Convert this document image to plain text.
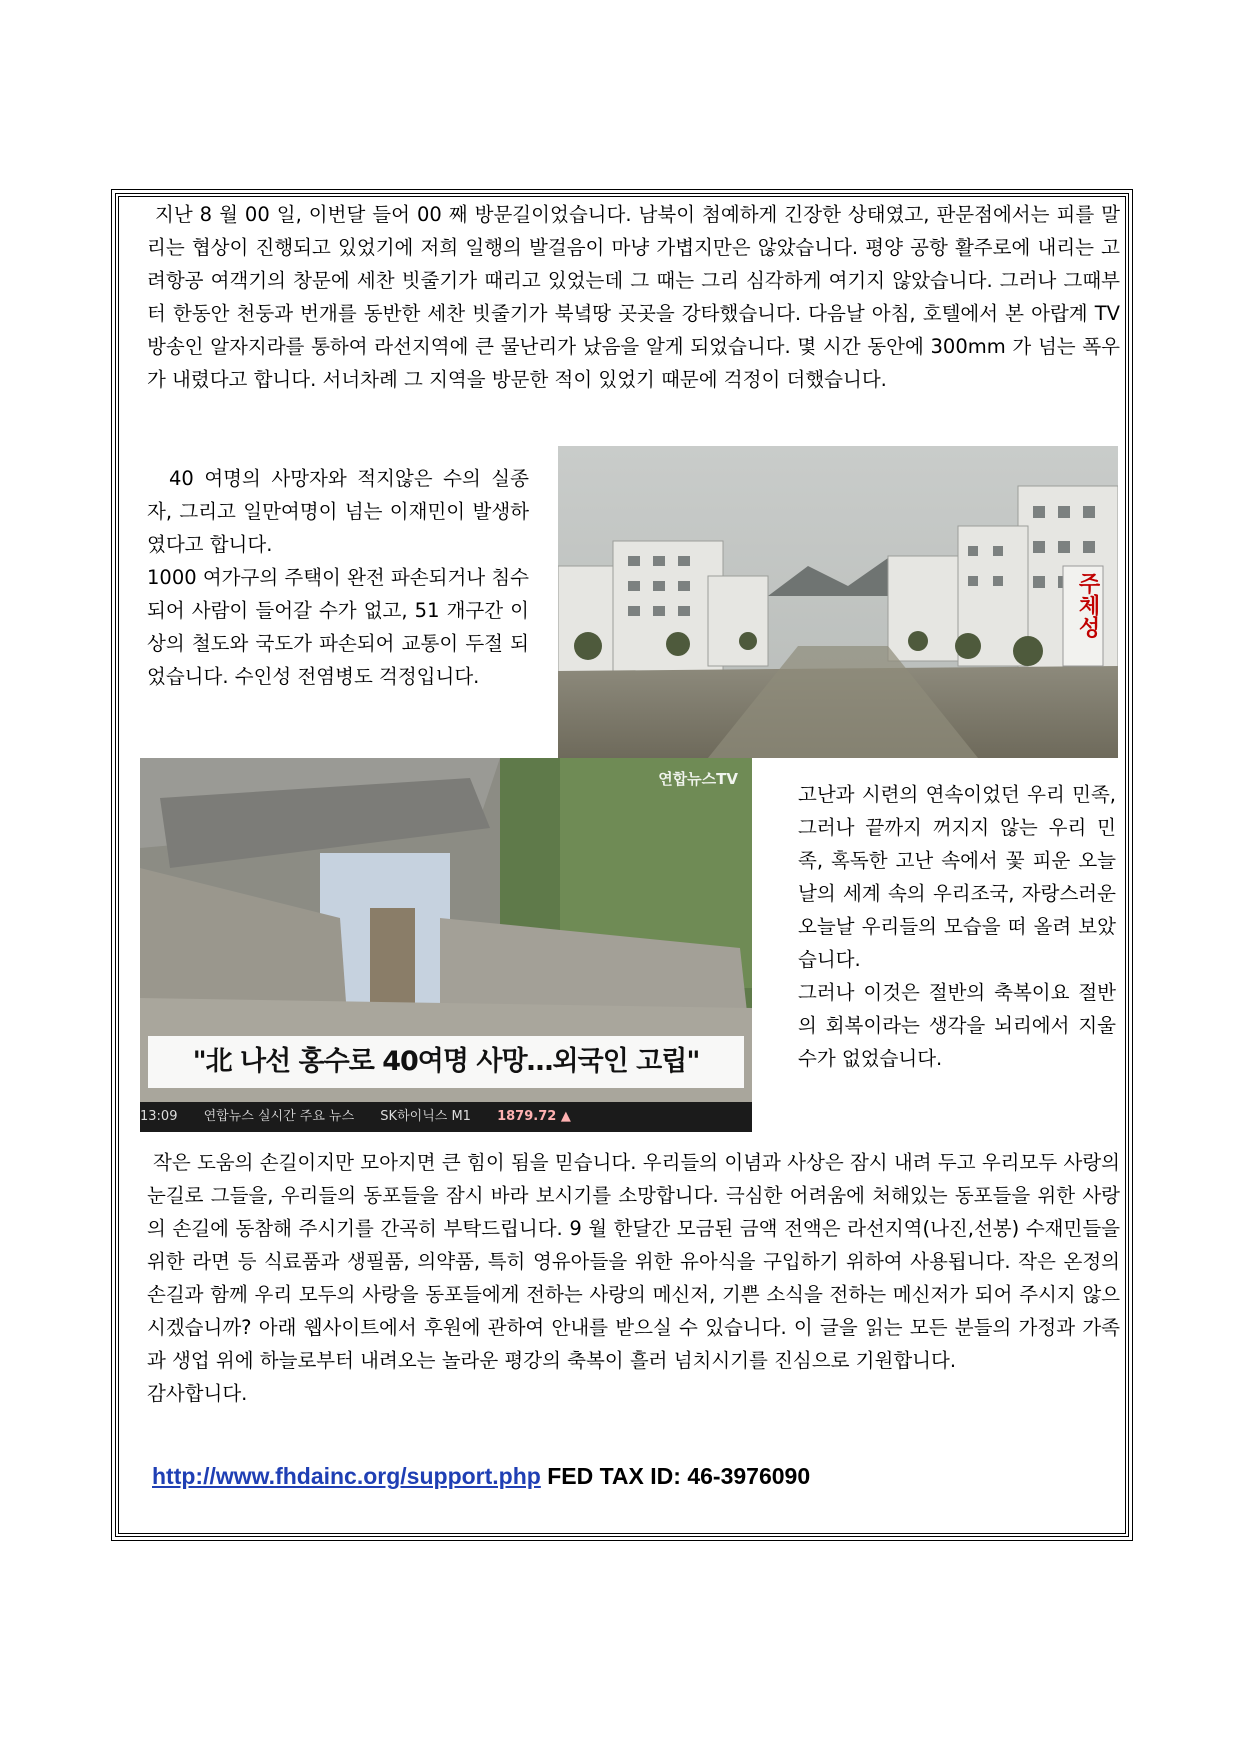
지난 8 월 00 일, 이번달 들어 00 째 방문길이었습니다. 남북이 첨예하게 긴장한 상태였고, 판문점에서는 피를 말리는 협상이 진행되고 있었기에 저희 일행의 발걸음이 마냥 가볍지만은 않았습니다. 평양 공항 활주로에 내리는 고려항공 여객기의 창문에 세찬 빗줄기가 때리고 있었는데 그 때는 그리 심각하게 여기지 않았습니다. 그러나 그때부터 한동안 천둥과 번개를 동반한 세찬 빗줄기가 북녘땅 곳곳을 강타했습니다. 다음날 아침, 호텔에서 본 아랍계 TV 방송인 알자지라를 통하여 라선지역에 큰 물난리가 났음을 알게 되었습니다. 몇 시간 동안에 300mm 가 넘는 폭우가 내렸다고 합니다. 서너차례 그 지역을 방문한 적이 있었기 때문에 걱정이 더했습니다.

40 여명의 사망자와 적지않은 수의 실종자, 그리고 일만여명이 넘는 이재민이 발생하였다고 합니다.
1000 여가구의 주택이 완전 파손되거나 침수되어 사람이 들어갈 수가 없고, 51 개구간 이상의 철도와 국도가 파손되어 교통이 두절 되었습니다. 수인성 전염병도 걱정입니다.

주체성
연합뉴스TV
"北 나선 홍수로 40여명 사망…외국인 고립"
13:09 연합뉴스 실시간 주요 뉴스 SK하이닉스 M1 1879.72 ▲

고난과 시련의 연속이었던 우리 민족, 그러나 끝까지 꺼지지 않는 우리 민족, 혹독한 고난 속에서 꽃 피운 오늘날의 세계 속의 우리조국, 자랑스러운 오늘날 우리들의 모습을 떠 올려 보았습니다.
그러나 이것은 절반의 축복이요 절반의 회복이라는 생각을 뇌리에서 지울수가 없었습니다.

작은 도움의 손길이지만 모아지면 큰 힘이 됨을 믿습니다. 우리들의 이념과 사상은 잠시 내려 두고 우리모두 사랑의 눈길로 그들을, 우리들의 동포들을 잠시 바라 보시기를 소망합니다. 극심한 어려움에 처해있는 동포들을 위한 사랑의 손길에 동참해 주시기를 간곡히 부탁드립니다. 9 월 한달간 모금된 금액 전액은 라선지역(나진,선봉) 수재민들을 위한 라면 등 식료품과 생필품, 의약품, 특히 영유아들을 위한 유아식을 구입하기 위하여 사용됩니다. 작은 온정의 손길과 함께 우리 모두의 사랑을 동포들에게 전하는 사랑의 메신저, 기쁜 소식을 전하는 메신저가 되어 주시지 않으시겠습니까? 아래 웹사이트에서 후원에 관하여 안내를 받으실 수 있습니다. 이 글을 읽는 모든 분들의 가정과 가족과 생업 위에 하늘로부터 내려오는 놀라운 평강의 축복이 흘러 넘치시기를 진심으로 기원합니다.
감사합니다.

http://www.fhdainc.org/support.php FED TAX ID: 46-3976090
